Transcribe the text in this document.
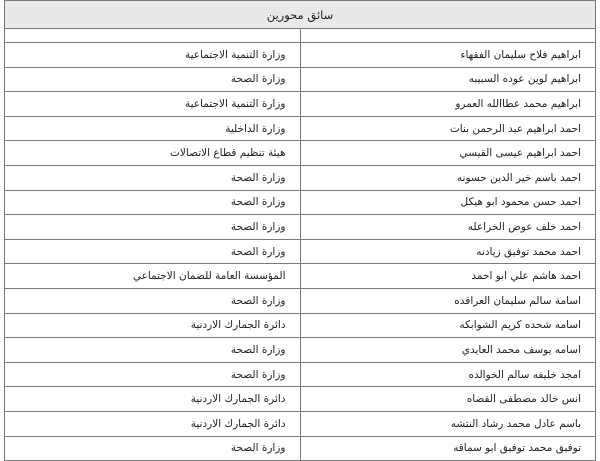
سائق محورين	

ابراهيم فلاح سليمان الفقهاء	وزارة التنمية الاجتماعية
ابراهيم لوين عوده السبيبه	وزارة الصحة
ابراهيم محمد عطاالله العمرو	وزارة التنمية الاجتماعية
احمد ابراهيم عبد الرحمن بنات	وزارة الداخلية
احمد ابراهيم عيسى القيسي	هيئة تنظيم قطاع الاتصالات
احمد باسم خير الدين حسونه	وزارة الصحة
احمد حسن محمود ابو هيكل	وزارة الصحة
احمد خلف عوض الخزاعله	وزارة الصحة
احمد محمد توفيق زيادنه	وزارة الصحة
احمد هاشم علي ابو احمد	المؤسسة العامة للضمان الاجتماعي
اسامة سالم سليمان العراقده	وزارة الصحة
اسامه شحده كريم الشوابكه	دائرة الجمارك الاردنية
اسامه يوسف محمد العايدي	وزارة الصحة
امجد خليفه سالم الخوالده	وزارة الصحة
انس خالد مصطفى القضاه	دائرة الجمارك الاردنية
باسم عادل محمد رشاد النتشه	دائرة الجمارك الاردنية
توفيق محمد توفيق ابو سماقه	وزارة الصحة
